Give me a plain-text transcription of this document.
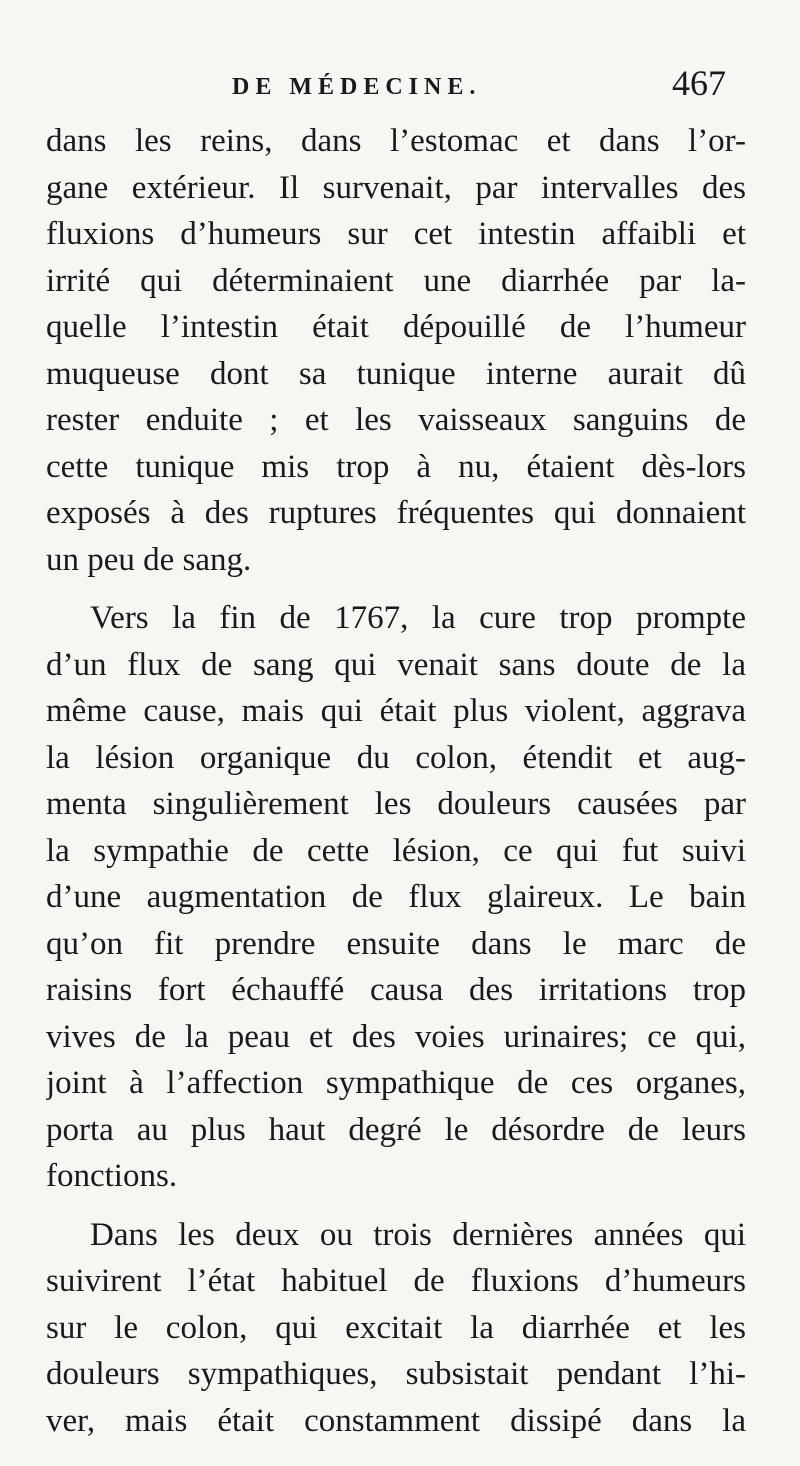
DE MÉDECINE.	467
dans les reins, dans l’estomac et dans l’or-
gane extérieur. Il survenait, par intervalles des
fluxions d’humeurs sur cet intestin affaibli et
irrité qui déterminaient une diarrhée par la-
quelle l’intestin était dépouillé de l’humeur
muqueuse dont sa tunique interne aurait dû
rester enduite ; et les vaisseaux sanguins de
cette tunique mis trop à nu, étaient dès-lors
exposés à des ruptures fréquentes qui donnaient
un peu de sang.
Vers la fin de 1767, la cure trop prompte
d’un flux de sang qui venait sans doute de la
même cause, mais qui était plus violent, aggrava
la lésion organique du colon, étendit et aug-
menta singulièrement les douleurs causées par
la sympathie de cette lésion, ce qui fut suivi
d’une augmentation de flux glaireux. Le bain
qu’on fit prendre ensuite dans le marc de
raisins fort échauffé causa des irritations trop
vives de la peau et des voies urinaires; ce qui,
joint à l’affection sympathique de ces organes,
porta au plus haut degré le désordre de leurs
fonctions.
Dans les deux ou trois dernières années qui
suivirent l’état habituel de fluxions d’humeurs
sur le colon, qui excitait la diarrhée et les
douleurs sympathiques, subsistait pendant l’hi-
ver, mais était constamment dissipé dans la
